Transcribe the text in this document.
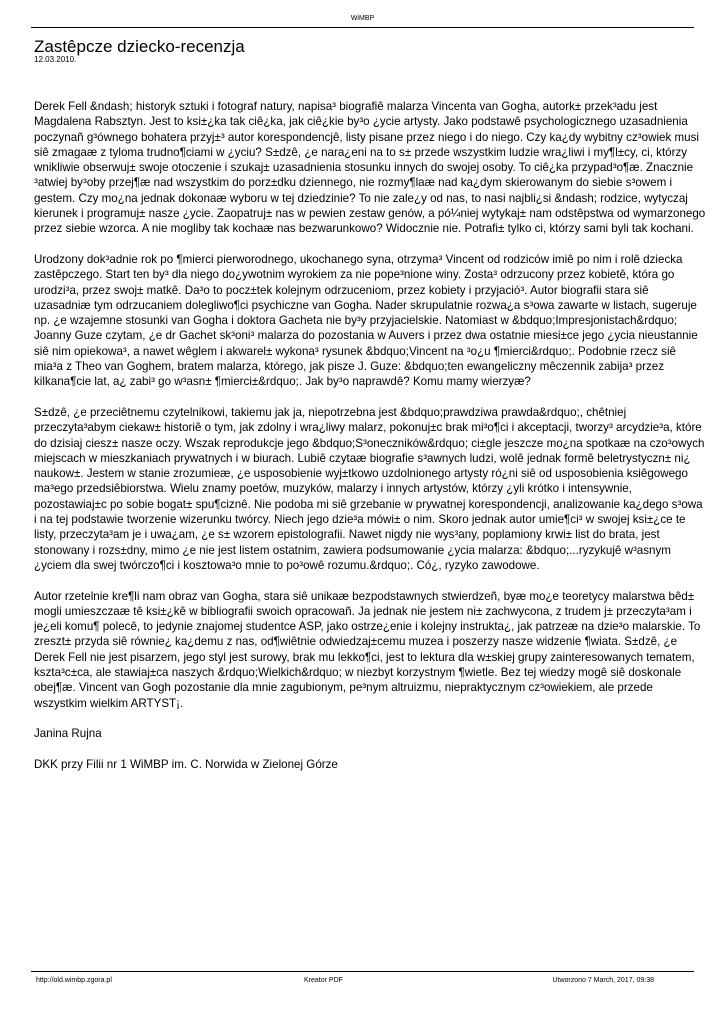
WiMBP
Zastêpcze dziecko-recenzja
12.03.2010.

Derek Fell &ndash; historyk sztuki i fotograf natury, napisa³ biografiê malarza Vincenta van Gogha, autork± przek³adu jest Magdalena Rabsztyn. Jest to ksi±¿ka tak ciê¿ka, jak ciê¿kie by³o ¿ycie artysty. Jako podstawê psychologicznego uzasadnienia poczynañ g³ównego bohatera przyj±³ autor korespondencjê, listy pisane przez niego i do niego. Czy ka¿dy wybitny cz³owiek musi siê zmagaæ z tyloma trudno¶ciami w ¿yciu? S±dzê, ¿e nara¿eni na to s± przede wszystkim ludzie wra¿liwi i my¶l±cy, ci, którzy wnikliwie obserwuj± swoje otoczenie i szukaj± uzasadnienia stosunku innych do swojej osoby. To ciê¿ka przypad³o¶æ. Znacznie ³atwiej by³oby przej¶æ nad wszystkim do porz±dku dziennego, nie rozmy¶laæ nad ka¿dym skierowanym do siebie s³owem i gestem. Czy mo¿na jednak dokonaæ wyboru w tej dziedzinie? To nie zale¿y od nas, to nasi najbli¿si &ndash; rodzice, wytyczaj kierunek i programuj± nasze ¿ycie. Zaopatruj± nas w pewien zestaw genów, a pó¼niej wytykaj± nam odstêpstwa od wymarzonego przez siebie wzorca. A nie mogliby tak kochaæ nas bezwarunkowo? Widocznie nie. Potrafi± tylko ci, którzy sami byli tak kochani.

Urodzony dok³adnie rok po ¶mierci pierworodnego, ukochanego syna, otrzyma³ Vincent od rodziców imiê po nim i rolê dziecka zastêpczego. Start ten by³ dla niego do¿ywotnim wyrokiem za nie pope³nione winy. Zosta³ odrzucony przez kobietê, która go urodzi³a, przez swoj± matkê. Da³o to pocz±tek kolejnym odrzuceniom, przez kobiety i przyjació³. Autor biografii stara siê uzasadniæ tym odrzucaniem dolegliwo¶ci psychiczne van Gogha. Nader skrupulatnie rozwa¿a s³owa zawarte w listach, sugeruje np. ¿e wzajemne stosunki van Gogha i doktora Gacheta nie by³y przyjacielskie. Natomiast w &bdquo;Impresjonistach&rdquo; Joanny Guze czytam, ¿e dr Gachet sk³oni³ malarza do pozostania w Auvers i przez dwa ostatnie miesi±ce jego ¿ycia nieustannie siê nim opiekowa³, a nawet wêglem i akwarel± wykona³ rysunek &bdquo;Vincent na ³o¿u ¶mierci&rdquo;. Podobnie rzecz siê mia³a z Theo van Goghem, bratem malarza, którego, jak pisze J. Guze: &bdquo;ten ewangeliczny mêczennik zabija³ przez kilkana¶cie lat, a¿ zabi³ go w³asn± ¶mierci±&rdquo;. Jak by³o naprawdê? Komu mamy wierzyæ?

S±dzê, ¿e przeciêtnemu czytelnikowi, takiemu jak ja, niepotrzebna jest &bdquo;prawdziwa prawda&rdquo;, chêtniej przeczyta³abym ciekaw± historiê o tym, jak zdolny i wra¿liwy malarz, pokonuj±c brak mi³o¶ci i akceptacji, tworzy³ arcydzie³a, które do dzisiaj ciesz± nasze oczy. Wszak reprodukcje jego &bdquo;S³oneczników&rdquo; ci±gle jeszcze mo¿na spotkaæ na czo³owych miejscach w mieszkaniach prywatnych i w biurach. Lubiê czytaæ biografie s³awnych ludzi, wolê jednak formê beletrystyczn± ni¿ naukow±. Jestem w stanie zrozumieæ, ¿e usposobienie wyj±tkowo uzdolnionego artysty ró¿ni siê od usposobienia ksiêgowego ma³ego przedsiêbiorstwa. Wielu znamy poetów, muzyków, malarzy i innych artystów, którzy ¿yli krótko i intensywnie, pozostawiaj±c po sobie bogat± spu¶ciznê. Nie podoba mi siê grzebanie w prywatnej korespondencji, analizowanie ka¿dego s³owa i na tej podstawie tworzenie wizerunku twórcy. Niech jego dzie³a mówi± o nim. Skoro jednak autor umie¶ci³ w swojej ksi±¿ce te listy, przeczyta³am je i uwa¿am, ¿e s± wzorem epistolografii. Nawet nigdy nie wys³any, poplamiony krwi± list do brata, jest stonowany i rozs±dny, mimo ¿e nie jest listem ostatnim, zawiera podsumowanie ¿ycia malarza: &bdquo;...ryzykujê w³asnym ¿yciem dla swej twórczo¶ci i kosztowa³o mnie to po³owê rozumu.&rdquo;. Có¿, ryzyko zawodowe.

Autor rzetelnie kre¶li nam obraz van Gogha, stara siê unikaæ bezpodstawnych stwierdzeñ, byæ mo¿e teoretycy malarstwa bêd± mogli umieszczaæ tê ksi±¿kê w bibliografii swoich opracowañ. Ja jednak nie jestem ni± zachwycona, z trudem j± przeczyta³am i je¿eli komu¶ polecê, to jedynie znajomej studentce ASP, jako ostrze¿enie i kolejny instrukta¿, jak patrzeæ na dzie³o malarskie. To zreszt± przyda siê równie¿ ka¿demu z nas, od¶wiêtnie odwiedzaj±cemu muzea i poszerzy nasze widzenie ¶wiata. S±dzê, ¿e Derek Fell nie jest pisarzem, jego styl jest surowy, brak mu lekko¶ci, jest to lektura dla w±skiej grupy zainteresowanych tematem, kszta³c±ca, ale stawiaj±ca naszych &rdquo;Wielkich&rdquo; w niezbyt korzystnym ¶wietle. Bez tej wiedzy mogê siê doskonale obej¶æ. Vincent van Gogh pozostanie dla mnie zagubionym, pe³nym altruizmu, niepraktycznym cz³owiekiem, ale przede wszystkim wielkim ARTYST¡.

Janina Rujna

DKK przy Filii nr 1 WiMBP im. C. Norwida w Zielonej Górze

http://old.wimbp.zgora.pl	Kreator PDF	Utworzono 7 March, 2017, 09:38
